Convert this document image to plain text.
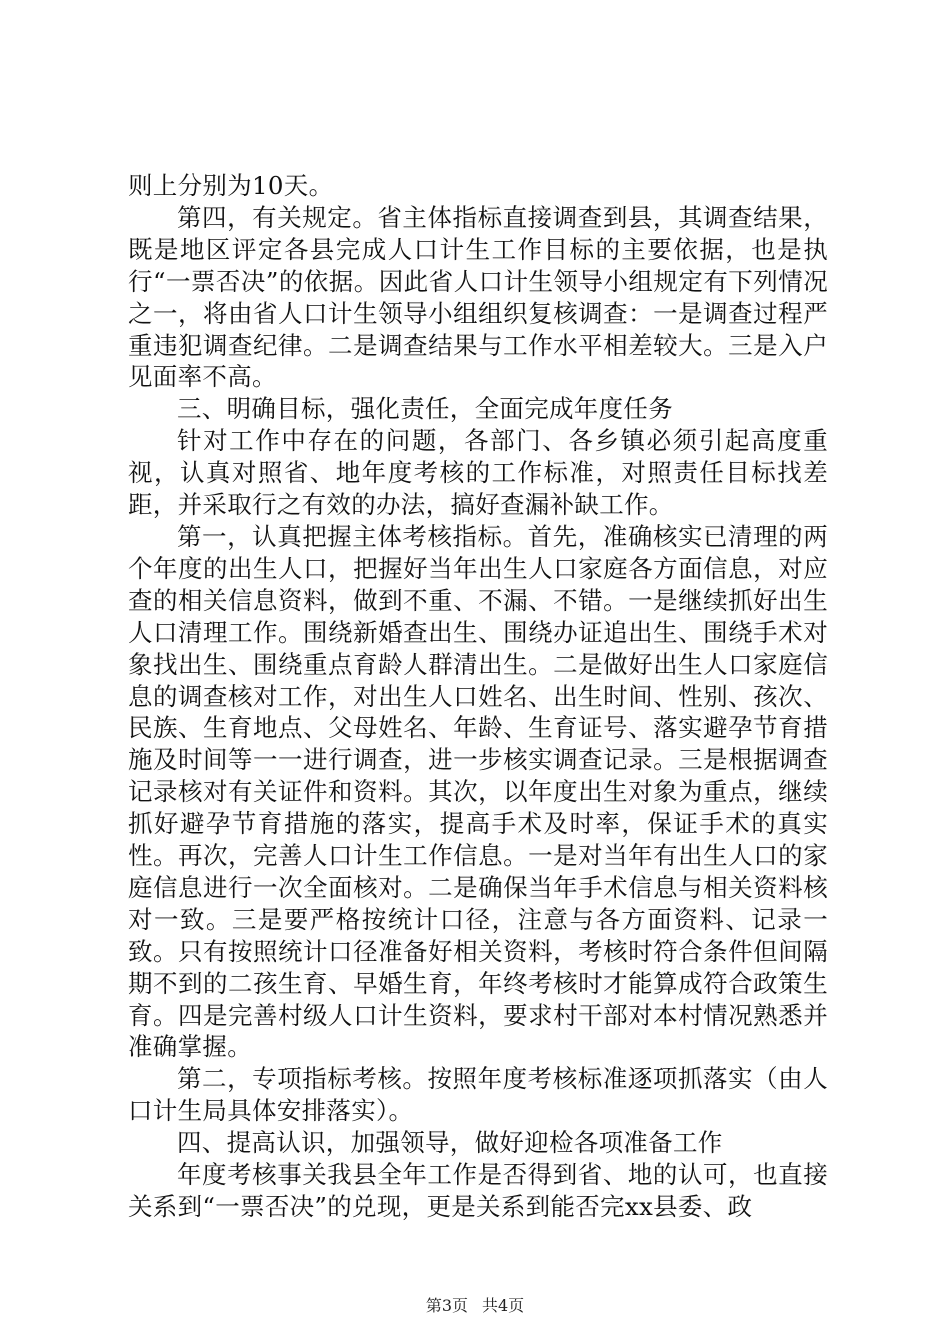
则上分别为10天。

第四，有关规定。省主体指标直接调查到县，其调查结果，既是地区评定各县完成人口计生工作目标的主要依据，也是执行“一票否决”的依据。因此省人口计生领导小组规定有下列情况之一，将由省人口计生领导小组组织复核调查：一是调查过程严重违犯调查纪律。二是调查结果与工作水平相差较大。三是入户见面率不高。

三、明确目标，强化责任，全面完成年度任务

针对工作中存在的问题，各部门、各乡镇必须引起高度重视，认真对照省、地年度考核的工作标准，对照责任目标找差距，并采取行之有效的办法，搞好查漏补缺工作。

第一，认真把握主体考核指标。首先，准确核实已清理的两个年度的出生人口，把握好当年出生人口家庭各方面信息，对应查的相关信息资料，做到不重、不漏、不错。一是继续抓好出生人口清理工作。围绕新婚查出生、围绕办证追出生、围绕手术对象找出生、围绕重点育龄人群清出生。二是做好出生人口家庭信息的调查核对工作，对出生人口姓名、出生时间、性别、孩次、民族、生育地点、父母姓名、年龄、生育证号、落实避孕节育措施及时间等一一进行调查，进一步核实调查记录。三是根据调查记录核对有关证件和资料。其次，以年度出生对象为重点，继续抓好避孕节育措施的落实，提高手术及时率，保证手术的真实性。再次，完善人口计生工作信息。一是对当年有出生人口的家庭信息进行一次全面核对。二是确保当年手术信息与相关资料核对一致。三是要严格按统计口径，注意与各方面资料、记录一致。只有按照统计口径准备好相关资料，考核时符合条件但间隔期不到的二孩生育、早婚生育，年终考核时才能算成符合政策生育。四是完善村级人口计生资料，要求村干部对本村情况熟悉并准确掌握。

第二，专项指标考核。按照年度考核标准逐项抓落实（由人口计生局具体安排落实）。

四、提高认识，加强领导，做好迎检各项准备工作

年度考核事关我县全年工作是否得到省、地的认可，也直接关系到“一票否决”的兑现，更是关系到能否完xx县委、政

第3页 共4页
